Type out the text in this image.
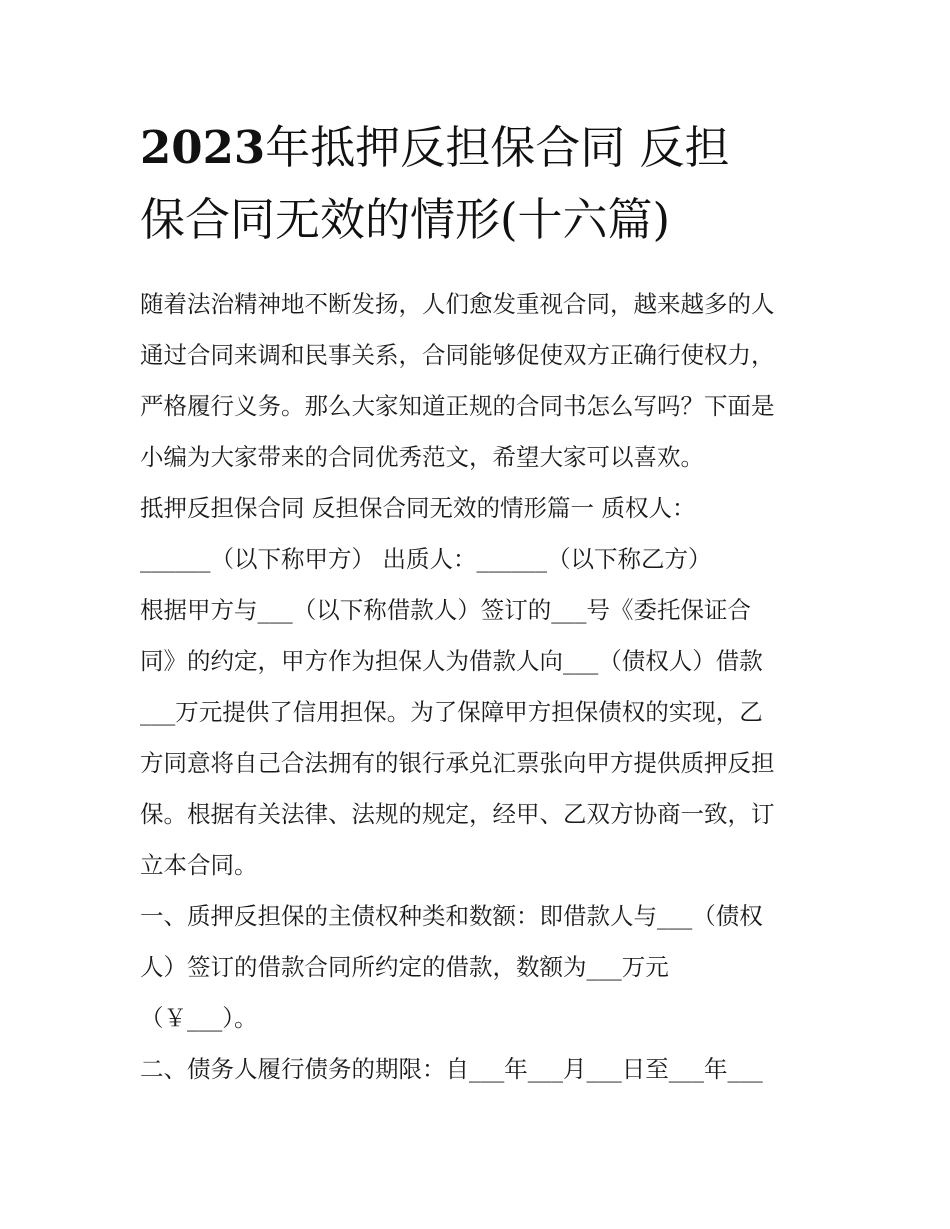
2023年抵押反担保合同 反担
保合同无效的情形(十六篇)
随着法治精神地不断发扬，人们愈发重视合同，越来越多的人
通过合同来调和民事关系，合同能够促使双方正确行使权力，
严格履行义务。那么大家知道正规的合同书怎么写吗？下面是
小编为大家带来的合同优秀范文，希望大家可以喜欢。
抵押反担保合同 反担保合同无效的情形篇一 质权人：
______（以下称甲方） 出质人：______（以下称乙方）
根据甲方与___（以下称借款人）签订的___号《委托保证合
同》的约定，甲方作为担保人为借款人向___（债权人）借款
___万元提供了信用担保。为了保障甲方担保债权的实现，乙
方同意将自己合法拥有的银行承兑汇票张向甲方提供质押反担
保。根据有关法律、法规的规定，经甲、乙双方协商一致，订
立本合同。
一、质押反担保的主债权种类和数额：即借款人与___（债权
人）签订的借款合同所约定的借款，数额为___万元
（￥___）。
二、债务人履行债务的期限：自___年___月___日至___年___
